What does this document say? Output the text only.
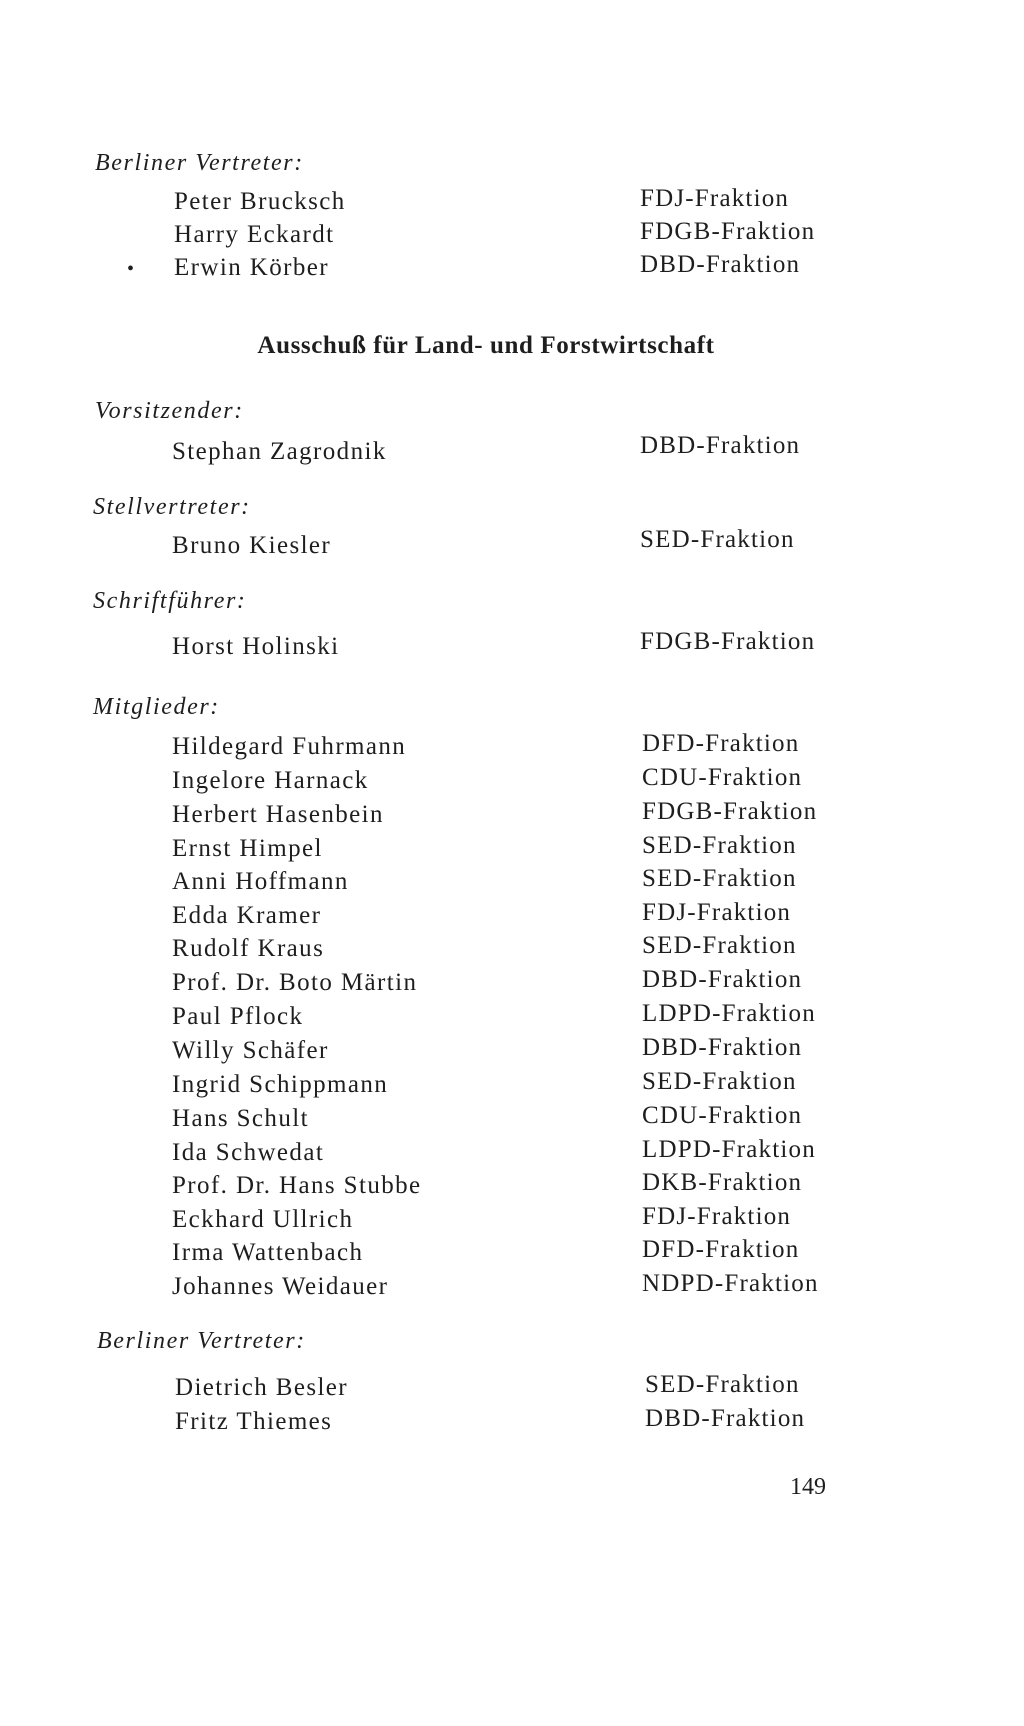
Berliner Vertreter:
Peter Brucksch	FDJ-Fraktion
Harry Eckardt	FDGB-Fraktion
• Erwin Körber	DBD-Fraktion
Ausschuß für Land- und Forstwirtschaft
Vorsitzender:
Stephan Zagrodnik	DBD-Fraktion
Stellvertreter:
Bruno Kiesler	SED-Fraktion
Schriftführer:
Horst Holinski	FDGB-Fraktion
Mitglieder:
Hildegard Fuhrmann	DFD-Fraktion
Ingelore Harnack	CDU-Fraktion
Herbert Hasenbein	FDGB-Fraktion
Ernst Himpel	SED-Fraktion
Anni Hoffmann	SED-Fraktion
Edda Kramer	FDJ-Fraktion
Rudolf Kraus	SED-Fraktion
Prof. Dr. Boto Märtin	DBD-Fraktion
Paul Pflock	LDPD-Fraktion
Willy Schäfer	DBD-Fraktion
Ingrid Schippmann	SED-Fraktion
Hans Schult	CDU-Fraktion
Ida Schwedat	LDPD-Fraktion
Prof. Dr. Hans Stubbe	DKB-Fraktion
Eckhard Ullrich	FDJ-Fraktion
Irma Wattenbach	DFD-Fraktion
Johannes Weidauer	NDPD-Fraktion
Berliner Vertreter:
Dietrich Besler	SED-Fraktion
Fritz Thiemes	DBD-Fraktion
149
